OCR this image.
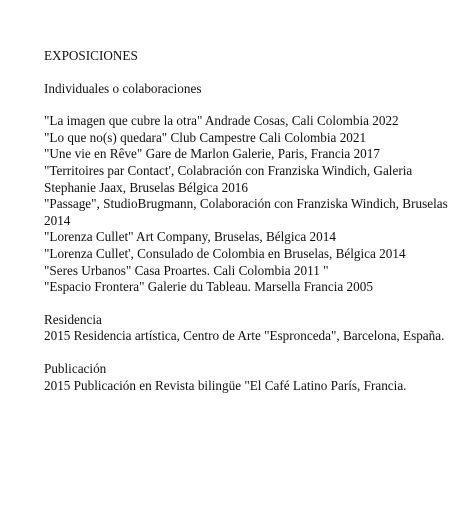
EXPOSICIONES

Individuales o colaboraciones

"La imagen que cubre la otra" Andrade Cosas, Cali Colombia 2022
"Lo que no(s) quedara" Club Campestre Cali Colombia 2021
"Une vie en Rêve" Gare de Marlon Galerie, Paris, Francia 2017
"Territoires par Contact', Colabración con Franziska Windich, Galeria Stephanie Jaax, Bruselas Bélgica 2016
"Passage", StudioBrugmann, Colaboración con Franziska Windich, Bruselas 2014
"Lorenza Cullet" Art Company, Bruselas, Bélgica 2014
"Lorenza Cullet', Consulado de Colombia en Bruselas, Bélgica 2014
"Seres Urbanos" Casa Proartes. Cali Colombia 2011 "
"Espacio Frontera" Galerie du Tableau. Marsella Francia 2005

Residencia

2015 Residencia artística, Centro de Arte "Espronceda", Barcelona, España.

Publicación

2015 Publicación en Revista bilingüe "El Café Latino París, Francia.
